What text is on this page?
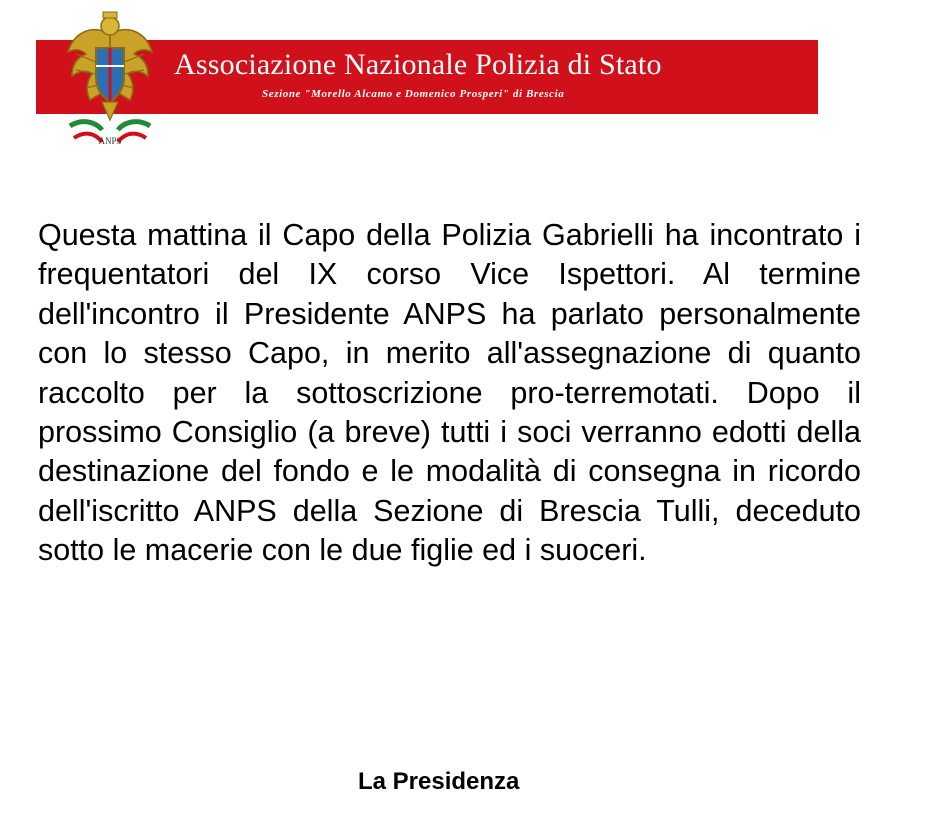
ANPS
Associazione Nazionale Polizia di Stato
Sezione "Morello Alcamo e Domenico Prosperi" di Brescia
Questa mattina il Capo della Polizia Gabrielli ha incontrato i frequentatori del IX corso Vice Ispettori. Al termine dell'incontro il Presidente ANPS ha parlato personalmente con lo stesso Capo, in merito all'assegnazione di quanto raccolto per la sottoscrizione pro-terremotati. Dopo il prossimo Consiglio (a breve) tutti i soci verranno edotti della destinazione del fondo e le modalità di consegna in ricordo dell'iscritto ANPS della Sezione di Brescia Tulli, deceduto sotto le macerie con le due figlie ed i suoceri.
La Presidenza
